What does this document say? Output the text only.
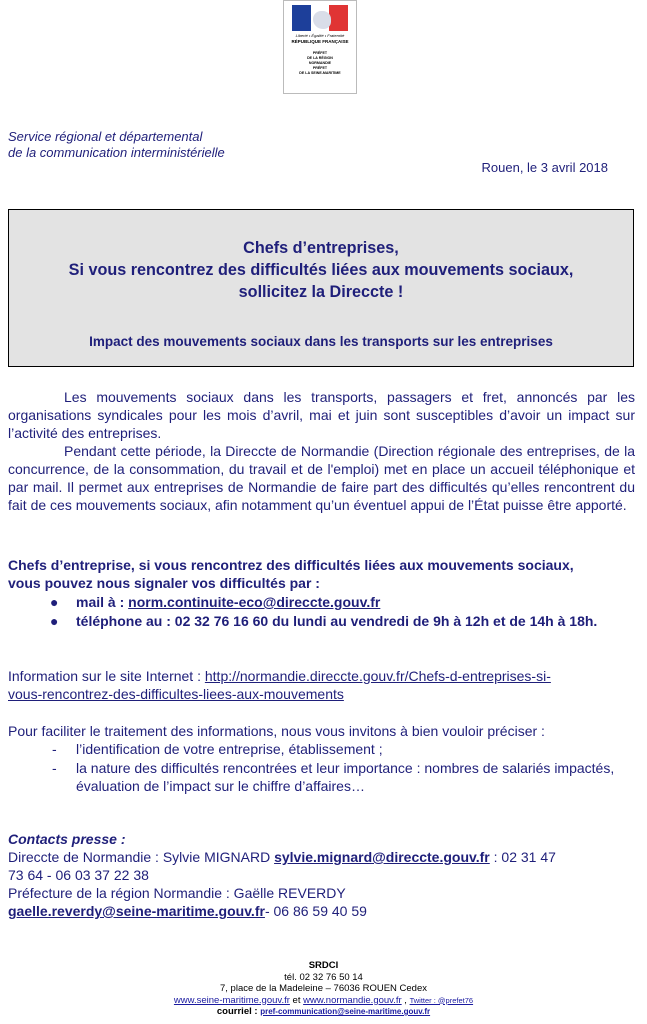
Liberté • Égalité • Fraternité
RÉPUBLIQUE FRANÇAISE
PRÉFET
DE LA RÉGION
NORMANDIE
PRÉFET
DE LA SEINE-MARITIME
Service régional et départemental
de la communication interministérielle
Rouen, le 3 avril 2018
Chefs d’entreprises,
Si vous rencontrez des difficultés liées aux mouvements sociaux,
sollicitez la Direccte !
Impact des mouvements sociaux dans les transports sur les entreprises
Les mouvements sociaux dans les transports, passagers et fret, annoncés par les organisations syndicales pour les mois d’avril, mai et juin sont susceptibles d’avoir un impact sur l’activité des entreprises.
Pendant cette période, la Direccte de Normandie (Direction régionale des entreprises, de la concurrence, de la consommation, du travail et de l'emploi) met en place un accueil téléphonique et par mail. Il permet aux entreprises de Normandie de faire part des difficultés qu’elles rencontrent du fait de ces mouvements sociaux, afin notamment qu’un éventuel appui de l’État puisse être apporté.
Chefs d’entreprise, si vous rencontrez des difficultés liées aux mouvements sociaux, vous pouvez nous signaler vos difficultés par :
● mail à : norm.continuite-eco@direccte.gouv.fr
● téléphone au : 02 32 76 16 60 du lundi au vendredi de 9h à 12h et de 14h à 18h.
Information sur le site Internet : http://normandie.direccte.gouv.fr/Chefs-d-entreprises-si-
vous-rencontrez-des-difficultes-liees-aux-mouvements
Pour faciliter le traitement des informations, nous vous invitons à bien vouloir préciser :
- l’identification de votre entreprise, établissement ;
- la nature des difficultés rencontrées et leur importance : nombres de salariés impactés, évaluation de l’impact sur le chiffre d’affaires…
Contacts presse :
Direccte de Normandie : Sylvie MIGNARD sylvie.mignard@direccte.gouv.fr : 02 31 47
73 64 - 06 03 37 22 38
Préfecture de la région Normandie : Gaëlle REVERDY
gaelle.reverdy@seine-maritime.gouv.fr- 06 86 59 40 59
SRDCI
tél. 02 32 76 50 14
7, place de la Madeleine – 76036 ROUEN Cedex
www.seine-maritime.gouv.fr et www.normandie.gouv.fr , Twitter : @prefet76
courriel : pref-communication@seine-maritime.gouv.fr
